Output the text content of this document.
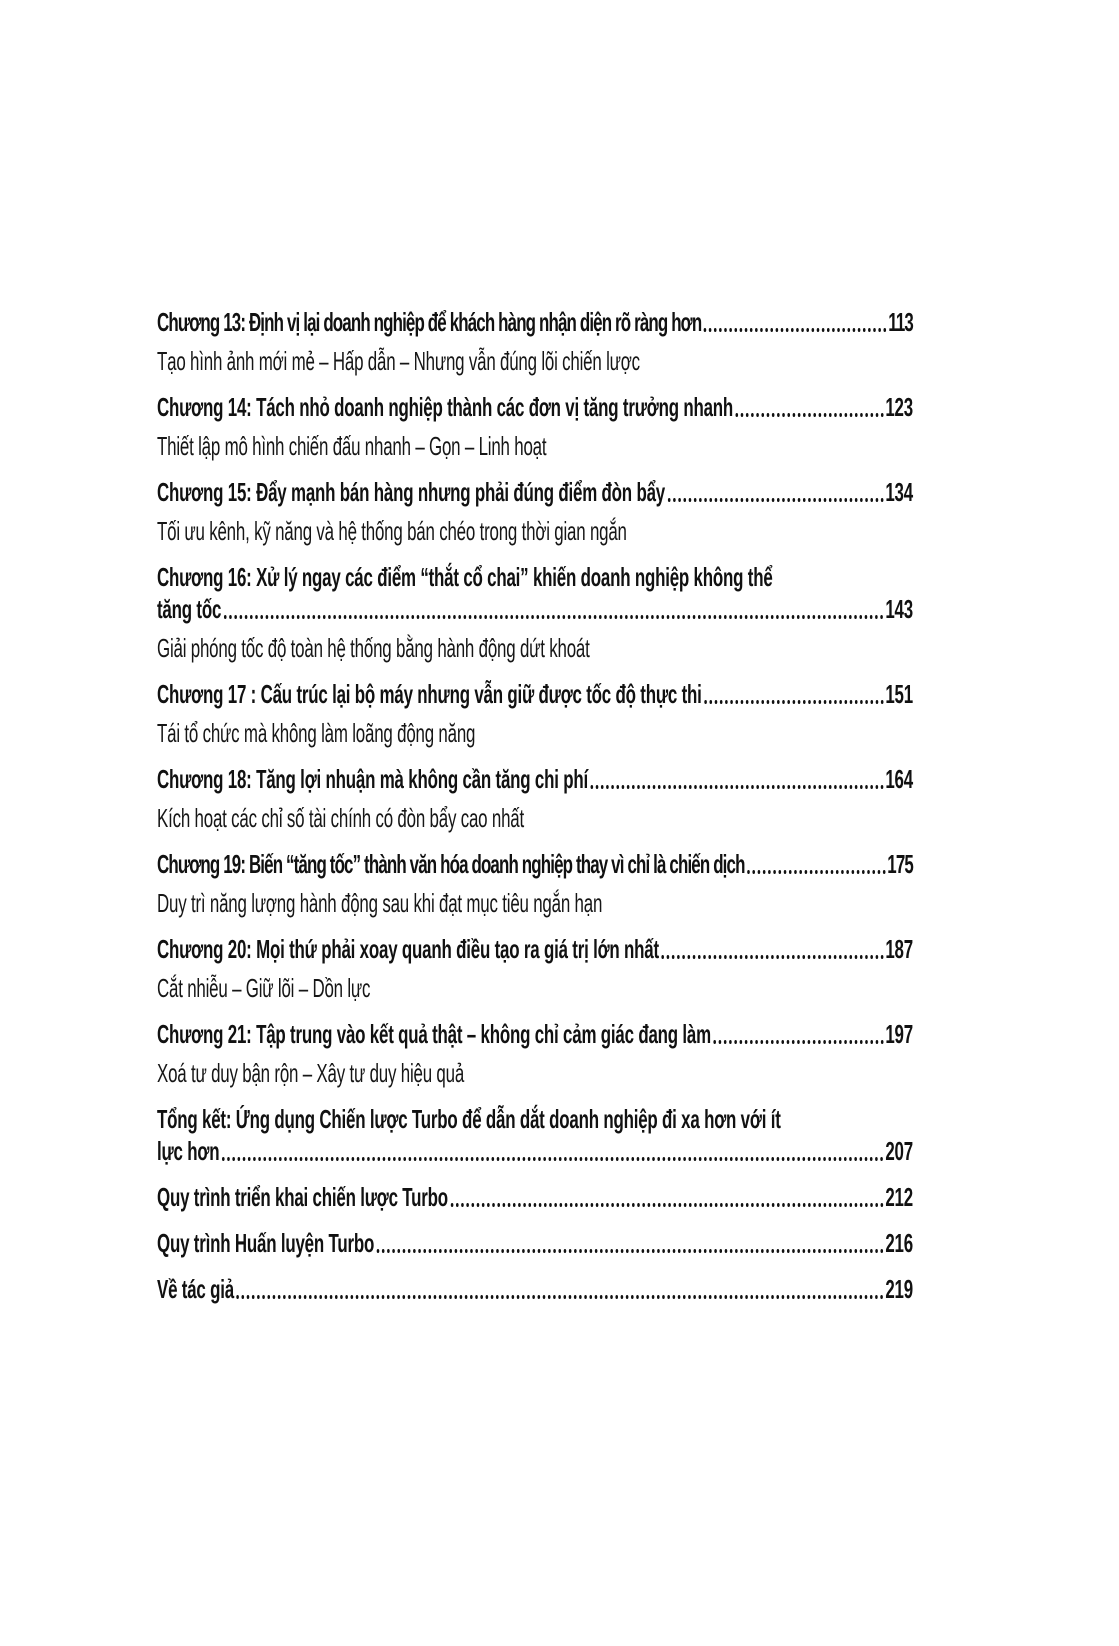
Chương 13: Định vị lại doanh nghiệp để khách hàng nhận diện rõ ràng hơn	113
Tạo hình ảnh mới mẻ – Hấp dẫn – Nhưng vẫn đúng lõi chiến lược
Chương 14: Tách nhỏ doanh nghiệp thành các đơn vị tăng trưởng nhanh	123
Thiết lập mô hình chiến đấu nhanh – Gọn – Linh hoạt
Chương 15: Đẩy mạnh bán hàng nhưng phải đúng điểm đòn bẩy	134
Tối ưu kênh, kỹ năng và hệ thống bán chéo trong thời gian ngắn
Chương 16: Xử lý ngay các điểm “thắt cổ chai” khiến doanh nghiệp không thể
tăng tốc	143
Giải phóng tốc độ toàn hệ thống bằng hành động dứt khoát
Chương 17 : Cấu trúc lại bộ máy nhưng vẫn giữ được tốc độ thực thi	151
Tái tổ chức mà không làm loãng động năng
Chương 18: Tăng lợi nhuận mà không cần tăng chi phí	164
Kích hoạt các chỉ số tài chính có đòn bẩy cao nhất
Chương 19: Biến “tăng tốc” thành văn hóa doanh nghiệp thay vì chỉ là chiến dịch	175
Duy trì năng lượng hành động sau khi đạt mục tiêu ngắn hạn
Chương 20: Mọi thứ phải xoay quanh điều tạo ra giá trị lớn nhất	187
Cắt nhiễu – Giữ lõi – Dồn lực
Chương 21: Tập trung vào kết quả thật – không chỉ cảm giác đang làm	197
Xoá tư duy bận rộn – Xây tư duy hiệu quả
Tổng kết: Ứng dụng Chiến lược Turbo để dẫn dắt doanh nghiệp đi xa hơn với ít
lực hơn	207
Quy trình triển khai chiến lược Turbo	212
Quy trình Huấn luyện Turbo	216
Về tác giả	219
